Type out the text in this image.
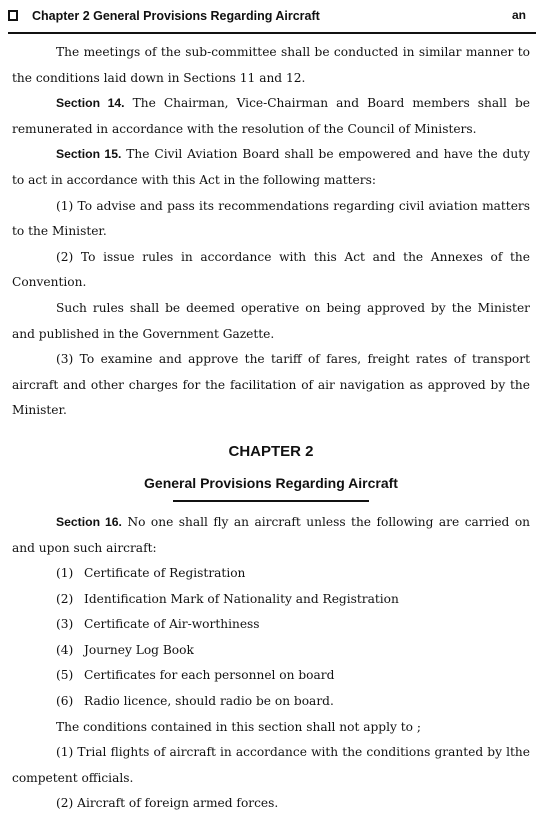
Chapter 2 General Provisions Regarding Aircraft	an

The meetings of the sub-committee shall be conducted in similar manner to the conditions laid down in Sections 11 and 12.

Section 14. The Chairman, Vice-Chairman and Board members shall be remunerated in accordance with the resolution of the Council of Ministers.

Section 15. The Civil Aviation Board shall be empowered and have the duty to act in accordance with this Act in the following matters:

(1) To advise and pass its recommendations regarding civil aviation matters to the Minister.

(2) To issue rules in accordance with this Act and the Annexes of the Convention.

Such rules shall be deemed operative on being approved by the Minister and published in the Government Gazette.

(3) To examine and approve the tariff of fares, freight rates of transport aircraft and other charges for the facilitation of air navigation as approved by the Minister.

CHAPTER 2
General Provisions Regarding Aircraft

Section 16. No one shall fly an aircraft unless the following are carried on and upon such aircraft:

(1) Certificate of Registration
(2) Identification Mark of Nationality and Registration
(3) Certificate of Air-worthiness
(4) Journey Log Book
(5) Certificates for each personnel on board
(6) Radio licence, should radio be on board.

The conditions contained in this section shall not apply to ;

(1) Trial flights of aircraft in accordance with the conditions granted by lthe competent officials.

(2) Aircraft of foreign armed forces.
